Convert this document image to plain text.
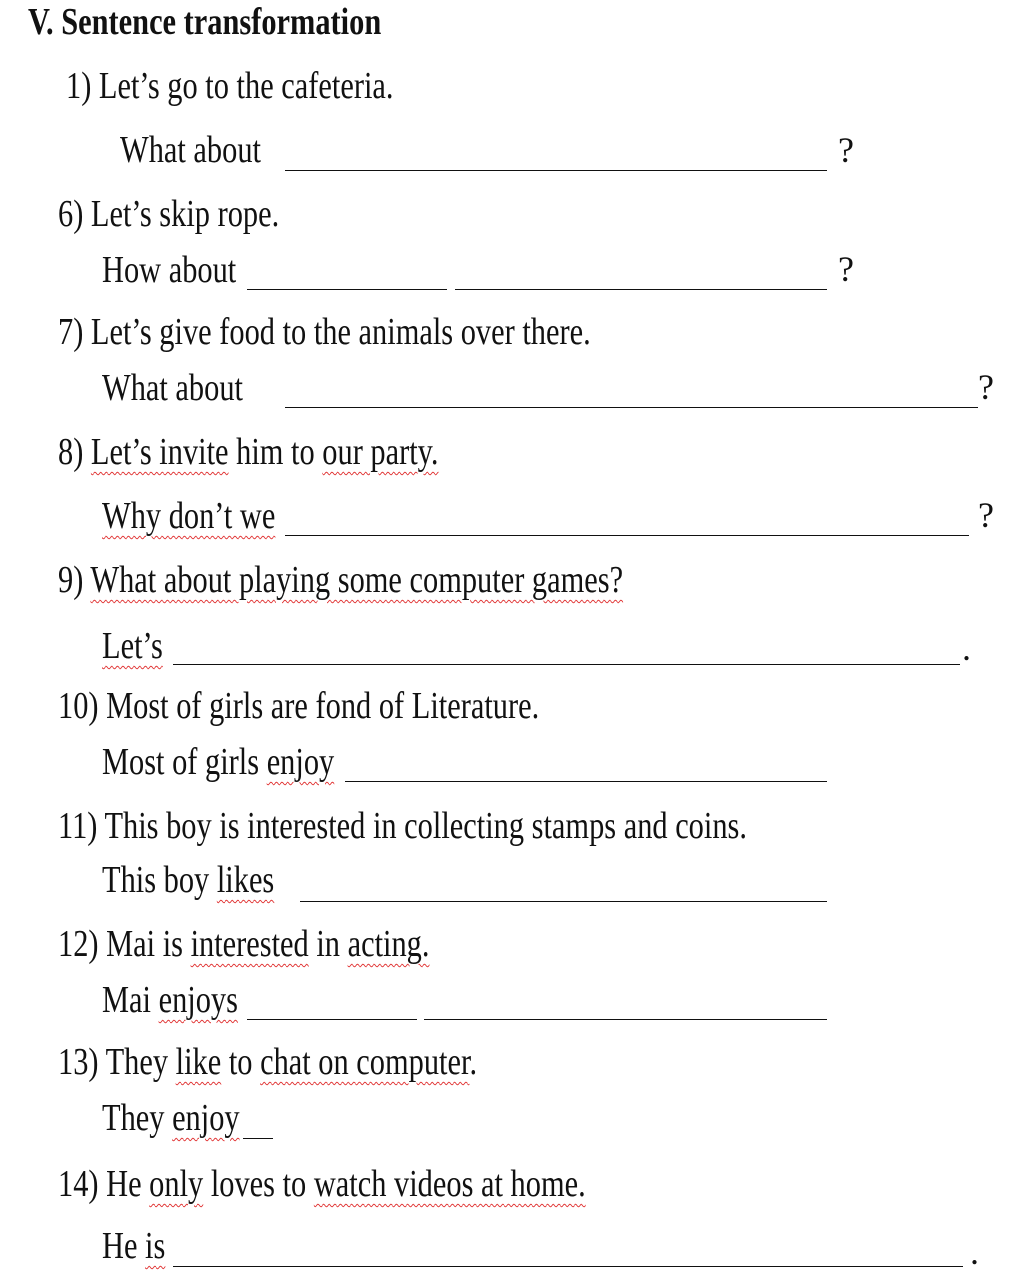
V. Sentence transformation
1) Let’s go to the cafeteria.
What about	?
6) Let’s skip rope.
How about	?
7) Let’s give food to the animals over there.
What about	?
8) Let’s invite him to our party.
Why don’t we	?
9) What about playing some computer games?
Let’s	.
10) Most of girls are fond of Literature.
Most of girls enjoy
11) This boy is interested in collecting stamps and coins.
This boy likes
12) Mai is interested in acting.
Mai enjoys
13) They like to chat on computer.
They enjoy
14) He only loves to watch videos at home.
He is	.
